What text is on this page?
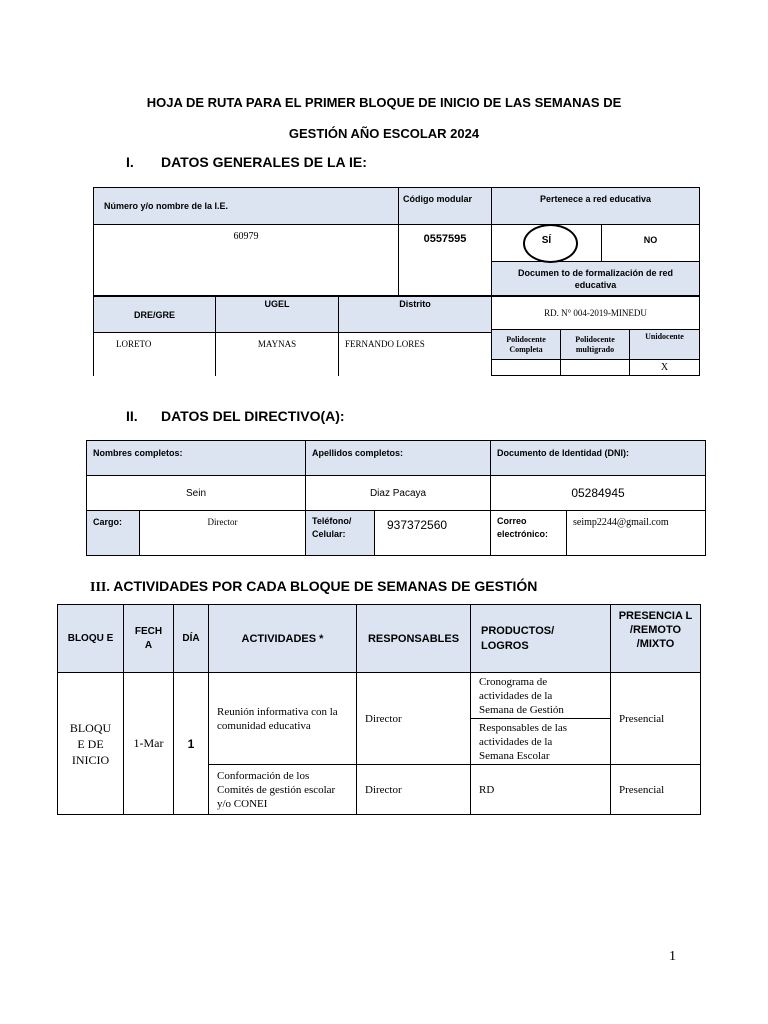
HOJA DE RUTA PARA EL PRIMER BLOQUE DE INICIO DE LAS SEMANAS DE
GESTIÓN AÑO ESCOLAR 2024
I. DATOS GENERALES DE LA IE:
Número y/o nombre de la I.E.	Código modular	Pertenece a red educativa	
60979	0557595	SÍ	NO
		Documen to de formalización de red educativa	
DRE/GRE	UGEL	Distrito
LORETO	MAYNAS	FERNANDO LORES
RD. N° 004-2019-MINEDU		
Polidocente Completa	Polidocente multigrado	Unidocente
		X
II. DATOS DEL DIRECTIVO(A):
Nombres completos:		Apellidos completos:		Documento de Identidad (DNI):	
Sein		Diaz Pacaya		05284945	
Cargo:	Director	Teléfono/ Celular:	937372560	Correo electrónico:	seimp2244@gmail.com
III. ACTIVIDADES POR CADA BLOQUE DE SEMANAS DE GESTIÓN
BLOQU E	FECH A	DÍA	ACTIVIDADES *	RESPONSABLES	PRODUCTOS/ LOGROS	PRESENCIA L /REMOTO /MIXTO
BLOQU E DE INICIO	1-Mar	1	Reunión informativa con la comunidad educativa	Director	Cronograma de actividades de la Semana de Gestión	Presencial
					Responsables de las actividades de la Semana Escolar	
			Conformación de los Comités de gestión escolar y/o CONEI	Director	RD	Presencial
1
